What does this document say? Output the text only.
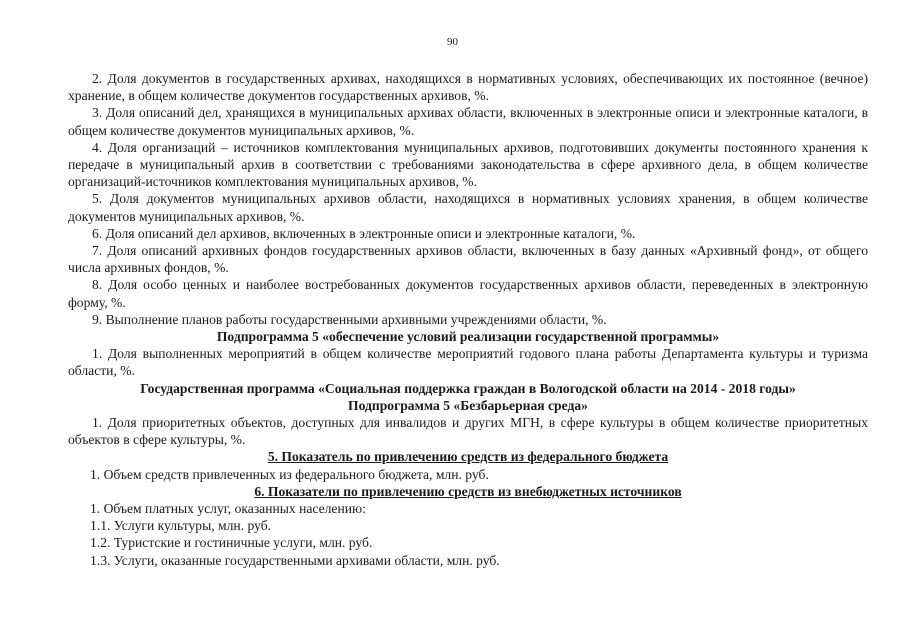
90

2. Доля документов в государственных архивах, находящихся в нормативных условиях, обеспечивающих их постоянное (вечное) хранение, в общем количестве документов государственных архивов, %.

3. Доля описаний дел, хранящихся в муниципальных архивах области, включенных в электронные описи и электронные каталоги, в общем количестве документов муниципальных архивов, %.

4. Доля организаций – источников комплектования муниципальных архивов, подготовивших документы постоянного хранения к передаче в муниципальный архив в соответствии с требованиями законодательства в сфере архивного дела, в общем количестве организаций-источников комплектования муниципальных архивов, %.

5. Доля документов муниципальных архивов области, находящихся в нормативных условиях хранения, в общем количестве документов муниципальных архивов, %.

6. Доля описаний дел архивов, включенных в электронные описи и электронные каталоги, %.

7. Доля описаний архивных фондов государственных архивов области, включенных в базу данных «Архивный фонд», от общего числа архивных фондов, %.

8. Доля особо ценных и наиболее востребованных документов государственных архивов области, переведенных в электронную форму, %.

9. Выполнение планов работы государственными архивными учреждениями области, %.

Подпрограмма 5 «обеспечение условий реализации государственной программы»

1. Доля выполненных мероприятий в общем количестве мероприятий годового плана работы Департамента культуры и туризма области, %.

Государственная программа «Социальная поддержка граждан в Вологодской области на 2014 - 2018 годы»

Подпрограмма 5 «Безбарьерная среда»

1. Доля приоритетных объектов, доступных для инвалидов и других МГН, в сфере культуры в общем количестве приоритетных объектов в сфере культуры, %.

5. Показатель по привлечению средств из федерального бюджета

1. Объем средств привлеченных из федерального бюджета, млн. руб.

6. Показатели по привлечению средств из внебюджетных источников

1. Объем платных услуг, оказанных населению:

1.1. Услуги культуры, млн. руб.

1.2. Туристские и гостиничные услуги, млн. руб.

1.3. Услуги, оказанные государственными архивами области, млн. руб.
